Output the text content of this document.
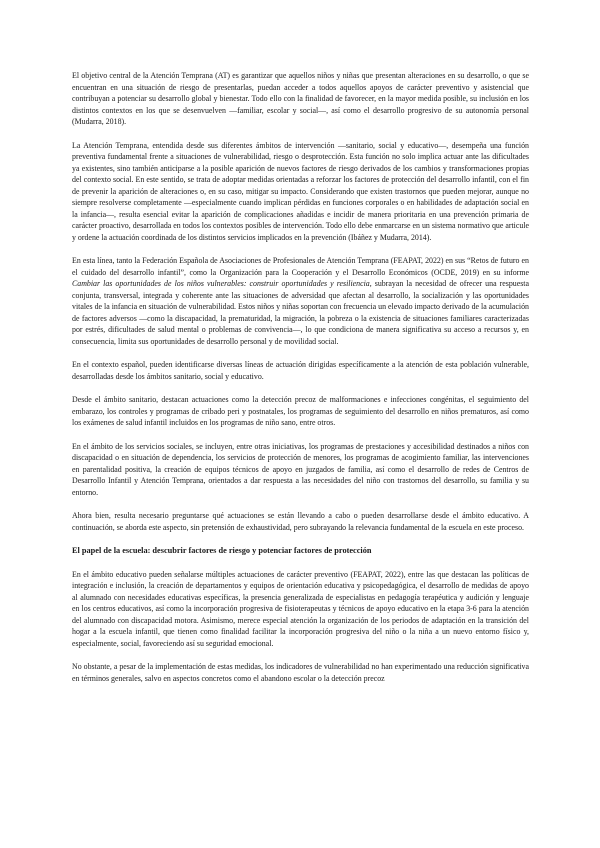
El objetivo central de la Atención Temprana (AT) es garantizar que aquellos niños y niñas que presentan alteraciones en su desarrollo, o que se encuentran en una situación de riesgo de presentarlas, puedan acceder a todos aquellos apoyos de carácter preventivo y asistencial que contribuyan a potenciar su desarrollo global y bienestar. Todo ello con la finalidad de favorecer, en la mayor medida posible, su inclusión en los distintos contextos en los que se desenvuelven —familiar, escolar y social—, así como el desarrollo progresivo de su autonomía personal (Mudarra, 2018).

La Atención Temprana, entendida desde sus diferentes ámbitos de intervención —sanitario, social y educativo—, desempeña una función preventiva fundamental frente a situaciones de vulnerabilidad, riesgo o desprotección. Esta función no solo implica actuar ante las dificultades ya existentes, sino también anticiparse a la posible aparición de nuevos factores de riesgo derivados de los cambios y transformaciones propias del contexto social. En este sentido, se trata de adoptar medidas orientadas a reforzar los factores de protección del desarrollo infantil, con el fin de prevenir la aparición de alteraciones o, en su caso, mitigar su impacto. Considerando que existen trastornos que pueden mejorar, aunque no siempre resolverse completamente —especialmente cuando implican pérdidas en funciones corporales o en habilidades de adaptación social en la infancia—, resulta esencial evitar la aparición de complicaciones añadidas e incidir de manera prioritaria en una prevención primaria de carácter proactivo, desarrollada en todos los contextos posibles de intervención. Todo ello debe enmarcarse en un sistema normativo que articule y ordene la actuación coordinada de los distintos servicios implicados en la prevención (Ibáñez y Mudarra, 2014).

En esta línea, tanto la Federación Española de Asociaciones de Profesionales de Atención Temprana (FEAPAT, 2022) en sus “Retos de futuro en el cuidado del desarrollo infantil”, como la Organización para la Cooperación y el Desarrollo Económicos (OCDE, 2019) en su informe Cambiar las oportunidades de los niños vulnerables: construir oportunidades y resiliencia, subrayan la necesidad de ofrecer una respuesta conjunta, transversal, integrada y coherente ante las situaciones de adversidad que afectan al desarrollo, la socialización y las oportunidades vitales de la infancia en situación de vulnerabilidad. Estos niños y niñas soportan con frecuencia un elevado impacto derivado de la acumulación de factores adversos —como la discapacidad, la prematuridad, la migración, la pobreza o la existencia de situaciones familiares caracterizadas por estrés, dificultades de salud mental o problemas de convivencia—, lo que condiciona de manera significativa su acceso a recursos y, en consecuencia, limita sus oportunidades de desarrollo personal y de movilidad social.

En el contexto español, pueden identificarse diversas líneas de actuación dirigidas específicamente a la atención de esta población vulnerable, desarrolladas desde los ámbitos sanitario, social y educativo.

Desde el ámbito sanitario, destacan actuaciones como la detección precoz de malformaciones e infecciones congénitas, el seguimiento del embarazo, los controles y programas de cribado peri y postnatales, los programas de seguimiento del desarrollo en niños prematuros, así como los exámenes de salud infantil incluidos en los programas de niño sano, entre otros.

En el ámbito de los servicios sociales, se incluyen, entre otras iniciativas, los programas de prestaciones y accesibilidad destinados a niños con discapacidad o en situación de dependencia, los servicios de protección de menores, los programas de acogimiento familiar, las intervenciones en parentalidad positiva, la creación de equipos técnicos de apoyo en juzgados de familia, así como el desarrollo de redes de Centros de Desarrollo Infantil y Atención Temprana, orientados a dar respuesta a las necesidades del niño con trastornos del desarrollo, su familia y su entorno.

Ahora bien, resulta necesario preguntarse qué actuaciones se están llevando a cabo o pueden desarrollarse desde el ámbito educativo. A continuación, se aborda este aspecto, sin pretensión de exhaustividad, pero subrayando la relevancia fundamental de la escuela en este proceso.

El papel de la escuela: descubrir factores de riesgo y potenciar factores de protección

En el ámbito educativo pueden señalarse múltiples actuaciones de carácter preventivo (FEAPAT, 2022), entre las que destacan las políticas de integración e inclusión, la creación de departamentos y equipos de orientación educativa y psicopedagógica, el desarrollo de medidas de apoyo al alumnado con necesidades educativas específicas, la presencia generalizada de especialistas en pedagogía terapéutica y audición y lenguaje en los centros educativos, así como la incorporación progresiva de fisioterapeutas y técnicos de apoyo educativo en la etapa 3-6 para la atención del alumnado con discapacidad motora. Asimismo, merece especial atención la organización de los periodos de adaptación en la transición del hogar a la escuela infantil, que tienen como finalidad facilitar la incorporación progresiva del niño o la niña a un nuevo entorno físico y, especialmente, social, favoreciendo así su seguridad emocional.

No obstante, a pesar de la implementación de estas medidas, los indicadores de vulnerabilidad no han experimentado una reducción significativa en términos generales, salvo en aspectos concretos como el abandono escolar o la detección precoz
